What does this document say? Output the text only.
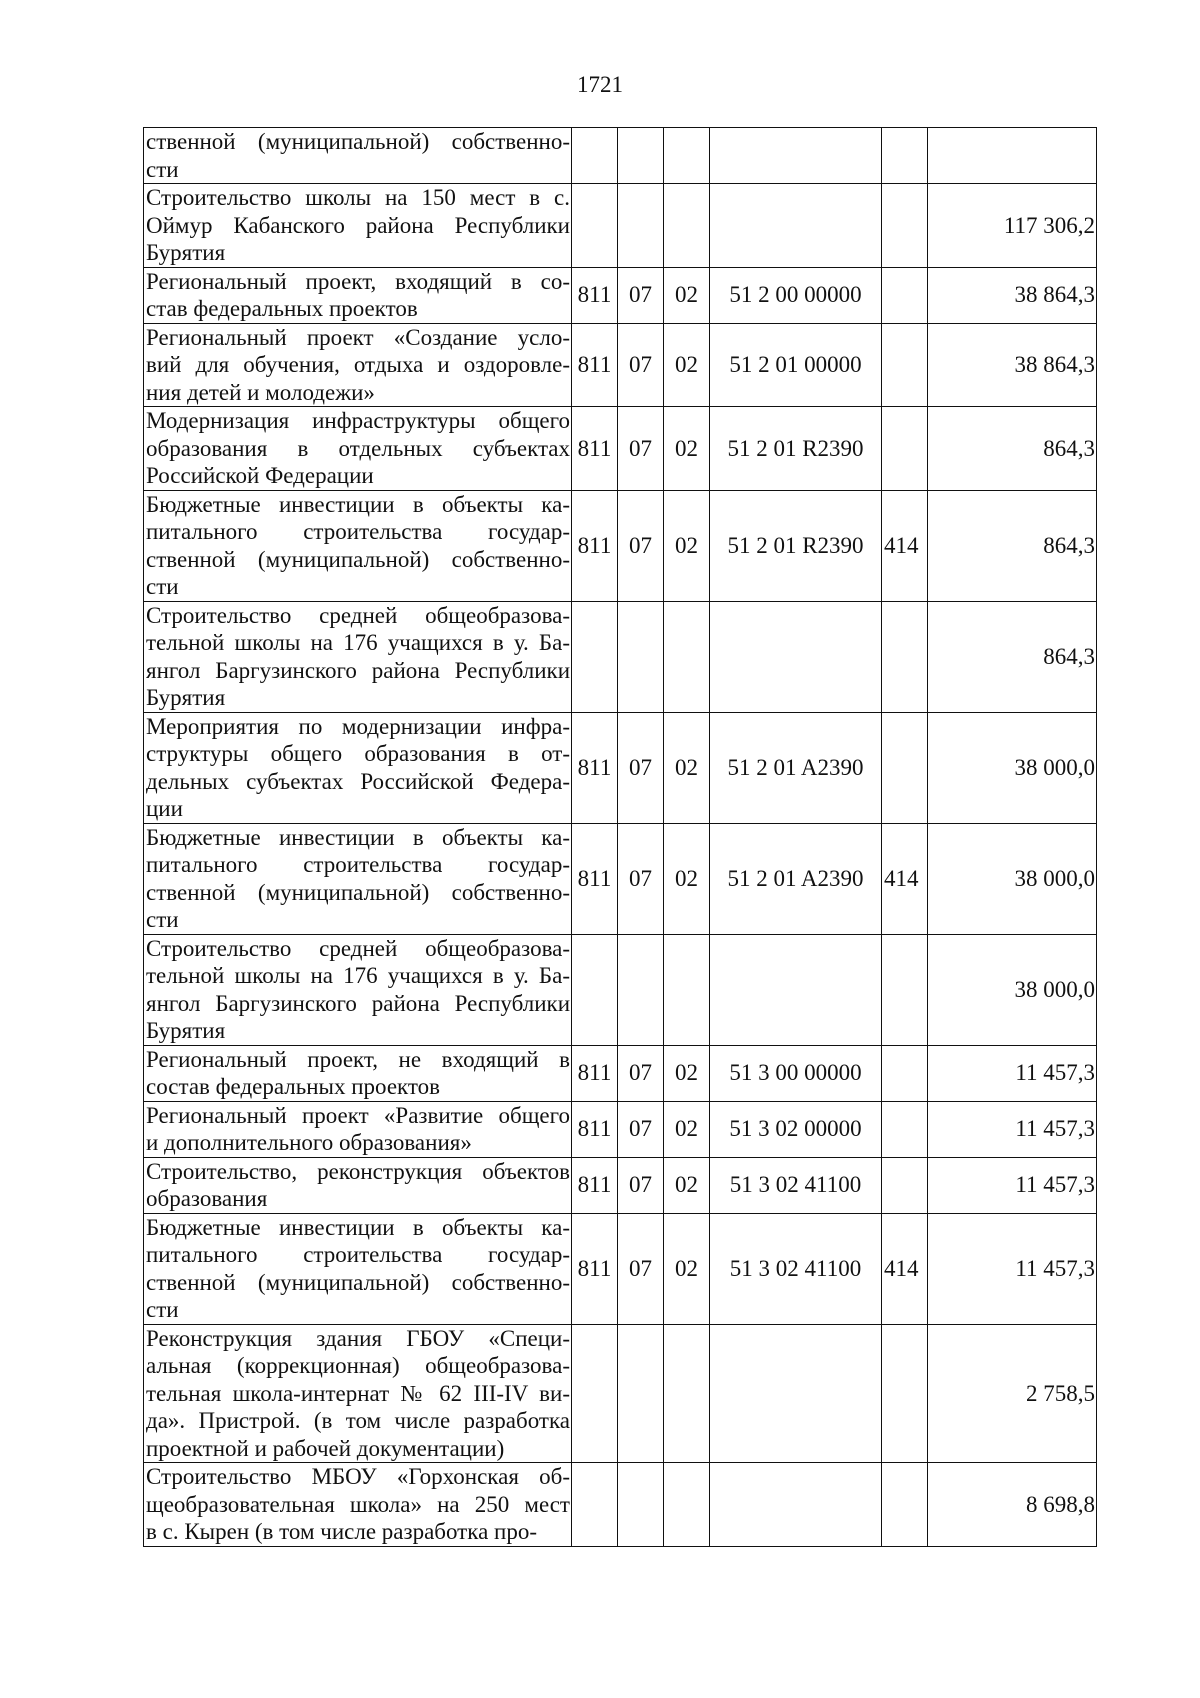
1721
ственной (муниципальной) собственно-
сти						

Строительство школы на 150 мест в с.
Оймур Кабанского района Республики
Бурятия						117 306,2

Региональный проект, входящий в со-
став федеральных проектов	811	07	02	51 2 00 00000		38 864,3

Региональный проект «Создание усло-
вий для обучения, отдыха и оздоровле-
ния детей и молодежи»	811	07	02	51 2 01 00000		38 864,3

Модернизация инфраструктуры общего
образования в отдельных субъектах
Российской Федерации	811	07	02	51 2 01 R2390		864,3

Бюджетные инвестиции в объекты ка-
питального строительства государ-
ственной (муниципальной) собственно-
сти	811	07	02	51 2 01 R2390	414	864,3

Строительство средней общеобразова-
тельной школы на 176 учащихся в у. Ба-
янгол Баргузинского района Республики
Бурятия						864,3

Мероприятия по модернизации инфра-
структуры общего образования в от-
дельных субъектах Российской Федера-
ции	811	07	02	51 2 01 A2390		38 000,0

Бюджетные инвестиции в объекты ка-
питального строительства государ-
ственной (муниципальной) собственно-
сти	811	07	02	51 2 01 A2390	414	38 000,0

Строительство средней общеобразова-
тельной школы на 176 учащихся в у. Ба-
янгол Баргузинского района Республики
Бурятия						38 000,0

Региональный проект, не входящий в
состав федеральных проектов	811	07	02	51 3 00 00000		11 457,3

Региональный проект «Развитие общего
и дополнительного образования»	811	07	02	51 3 02 00000		11 457,3

Строительство, реконструкция объектов
образования	811	07	02	51 3 02 41100		11 457,3

Бюджетные инвестиции в объекты ка-
питального строительства государ-
ственной (муниципальной) собственно-
сти	811	07	02	51 3 02 41100	414	11 457,3

Реконструкция здания ГБОУ «Специ-
альная (коррекционная) общеобразова-
тельная школа-интернат № 62 III-IV ви-
да». Пристрой. (в том числе разработка
проектной и рабочей документации)						2 758,5

Строительство МБОУ «Горхонская об-
щеобразовательная школа» на 250 мест
в с. Кырен (в том числе разработка про-						8 698,8
